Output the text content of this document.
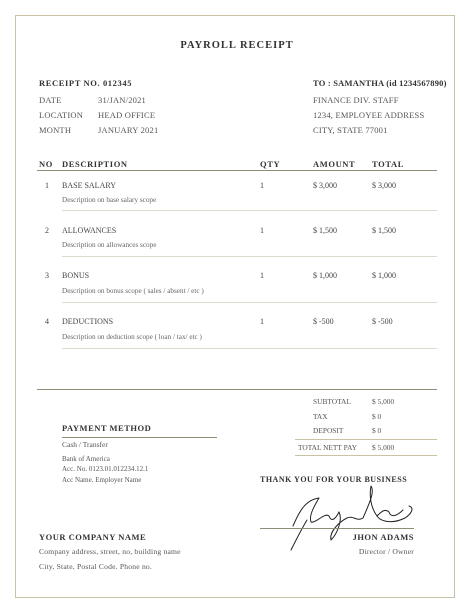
PAYROLL RECEIPT
RECEIPT NO. 012345
DATE	31/JAN/2021
LOCATION HEAD OFFICE
MONTH	JANUARY 2021
TO : SAMANTHA (id 1234567890)
FINANCE DIV. STAFF
1234, EMPLOYEE ADDRESS
CITY, STATE 77001
NO DESCRIPTION	QTY	AMOUNT TOTAL
1 BASE SALARY	1	$ 3,000	$ 3,000
Description on base salary scope
2 ALLOWANCES	1	$ 1,500	$ 1,500
Description on allowances scope
3 BONUS	1	$ 1,000	$ 1,000
Description on bonus scope ( sales / absent / etc )
4 DEDUCTIONS	1	$ -500	$ -500
Description on deduction scope ( loan / tax/ etc )
SUBTOTAL	$ 5,000
TAX	$ 0
DEPOSIT	$ 0
TOTAL NETT PAY $ 5,000
PAYMENT METHOD
Cash / Transfer
Bank of America
Acc. No. 0123.01.012234.12.1
Acc Name. Employer Name	THANK YOU FOR YOUR BUSINESS
JHON ADAMS
Director / Owner
YOUR COMPANY NAME
Company address, street, no, building name
City, State, Postal Code. Phone no.
